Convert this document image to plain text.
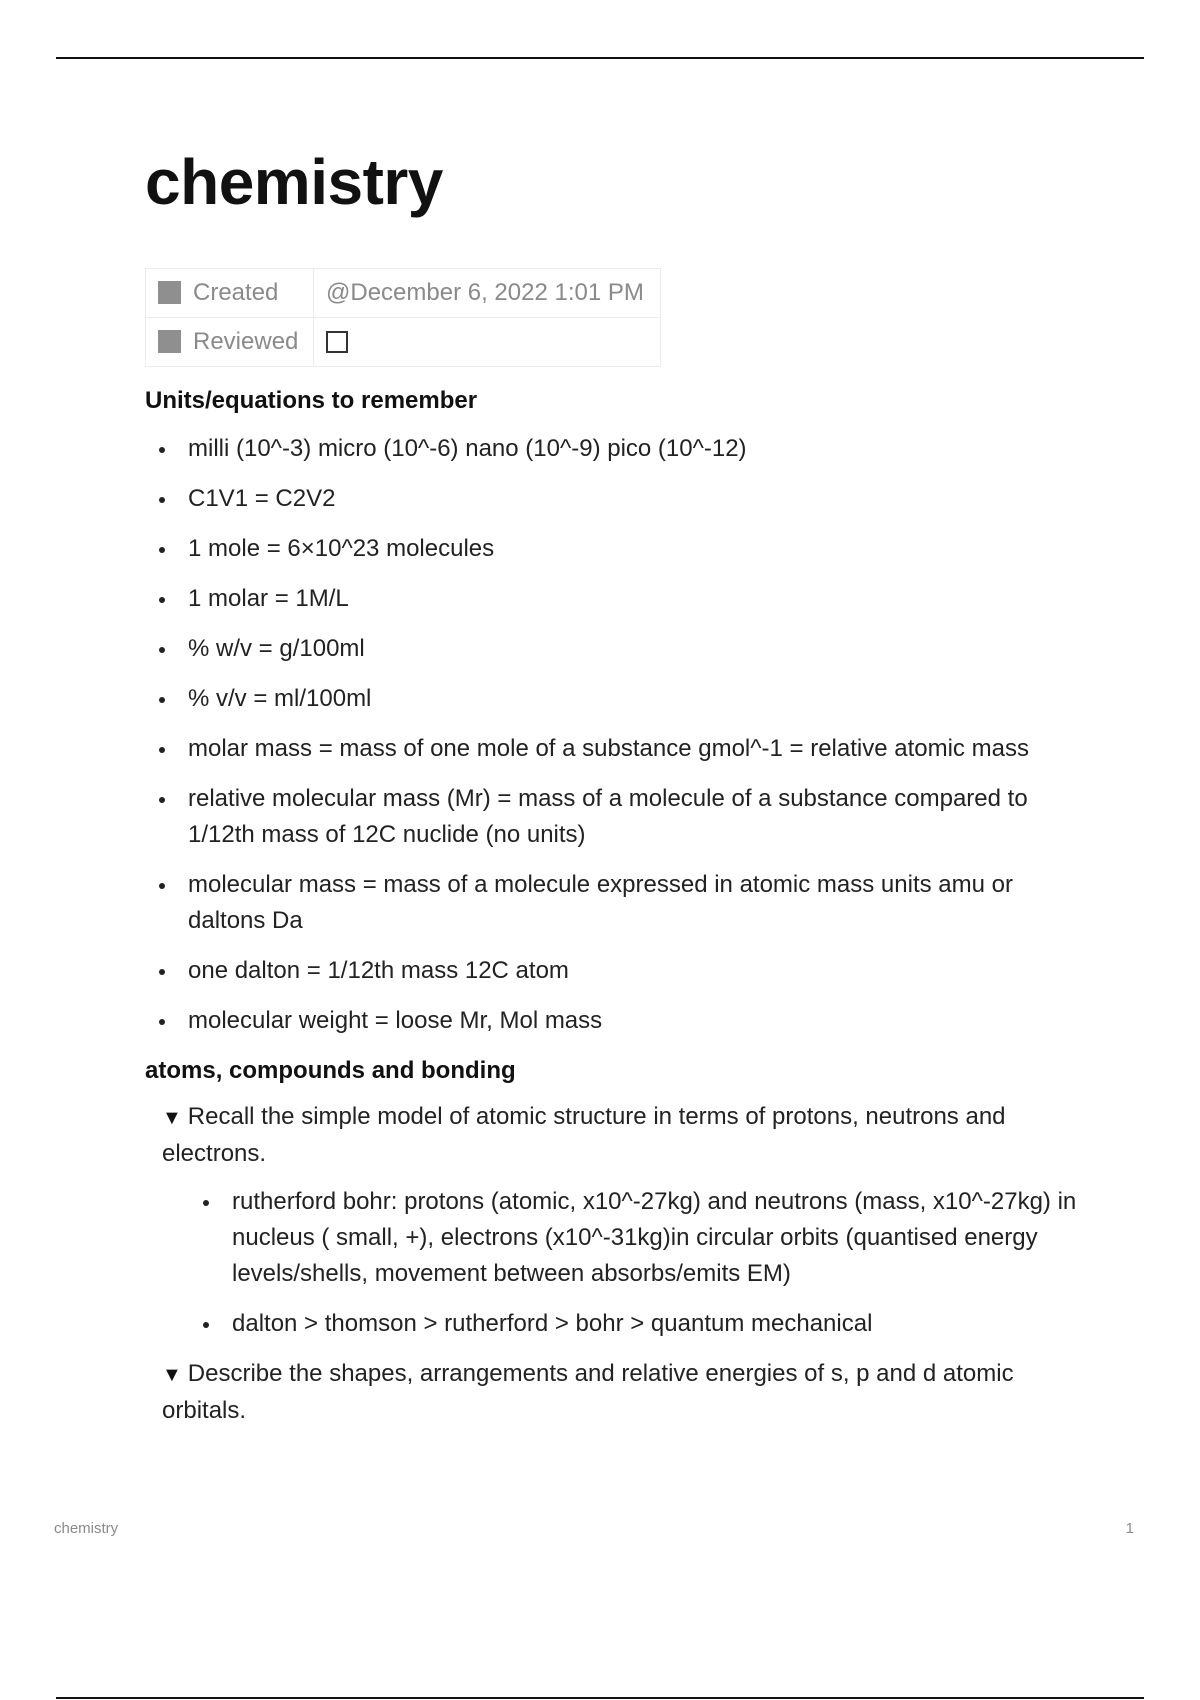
chemistry
Created	@December 6, 2022 1:01 PM
Reviewed	
Units/equations to remember
milli (10^-3) micro (10^-6) nano (10^-9) pico (10^-12)
C1V1 = C2V2
1 mole = 6×10^23 molecules
1 molar = 1M/L
% w/v = g/100ml
% v/v = ml/100ml
molar mass = mass of one mole of a substance gmol^-1 = relative atomic mass
relative molecular mass (Mr) = mass of a molecule of a substance compared to 1/12th mass of 12C nuclide (no units)
molecular mass = mass of a molecule expressed in atomic mass units amu or daltons Da
one dalton = 1/12th mass 12C atom
molecular weight = loose Mr, Mol mass
atoms, compounds and bonding
▼ Recall the simple model of atomic structure in terms of protons, neutrons and electrons.
rutherford bohr: protons (atomic, x10^-27kg) and neutrons (mass, x10^-27kg) in nucleus ( small, +), electrons (x10^-31kg)in circular orbits (quantised energy levels/shells, movement between absorbs/emits EM)
dalton > thomson > rutherford > bohr > quantum mechanical
▼ Describe the shapes, arrangements and relative energies of s, p and d atomic orbitals.
chemistry	1
